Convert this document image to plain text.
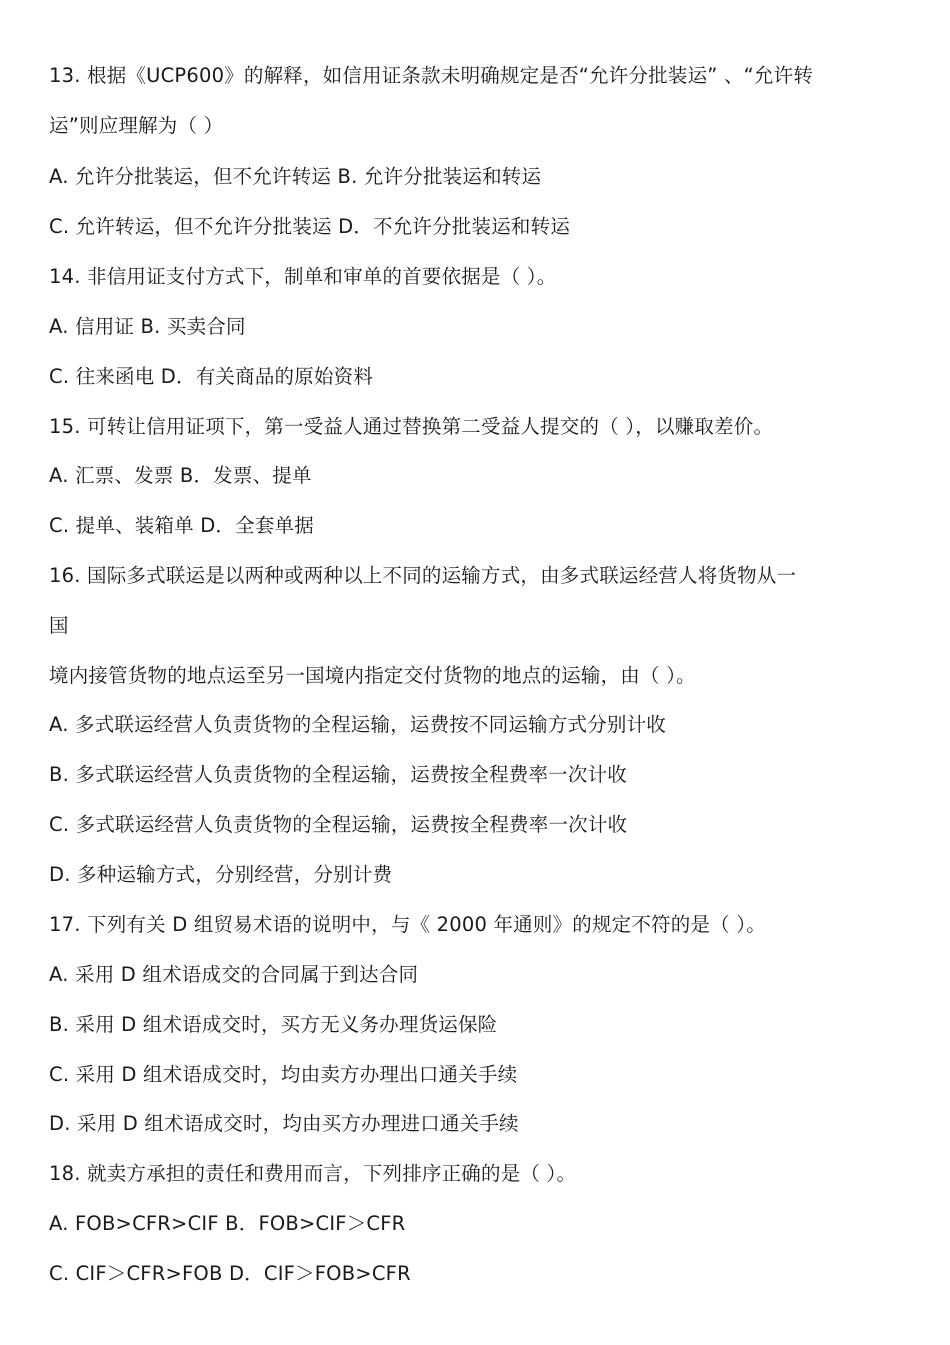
13. 根据《UCP600》的解释，如信用证条款未明确规定是否“允许分批装运” 、“允许转
运”则应理解为（ ）
A. 允许分批装运，但不允许转运 B. 允许分批装运和转运
C. 允许转运，但不允许分批装运 D．不允许分批装运和转运
14. 非信用证支付方式下，制单和审单的首要依据是（ ）。
A. 信用证 B. 买卖合同
C. 往来函电 D．有关商品的原始资料
15. 可转让信用证项下，第一受益人通过替换第二受益人提交的（ ），以赚取差价。
A. 汇票、发票 B．发票、提单
C. 提单、装箱单 D．全套单据
16. 国际多式联运是以两种或两种以上不同的运输方式，由多式联运经营人将货物从一
国
境内接管货物的地点运至另一国境内指定交付货物的地点的运输，由（ ）。
A. 多式联运经营人负责货物的全程运输，运费按不同运输方式分别计收
B. 多式联运经营人负责货物的全程运输，运费按全程费率一次计收
C. 多式联运经营人负责货物的全程运输，运费按全程费率一次计收
D. 多种运输方式，分别经营，分别计费
17. 下列有关 D 组贸易术语的说明中，与《 2000 年通则》的规定不符的是（ ）。
A. 采用 D 组术语成交的合同属于到达合同
B. 采用 D 组术语成交时，买方无义务办理货运保险
C. 采用 D 组术语成交时，均由卖方办理出口通关手续
D. 采用 D 组术语成交时，均由买方办理进口通关手续
18. 就卖方承担的责任和费用而言，下列排序正确的是（ ）。
A. FOB>CFR>CIF B．FOB>CIF＞CFR
C. CIF＞CFR>FOB D．CIF＞FOB>CFR
